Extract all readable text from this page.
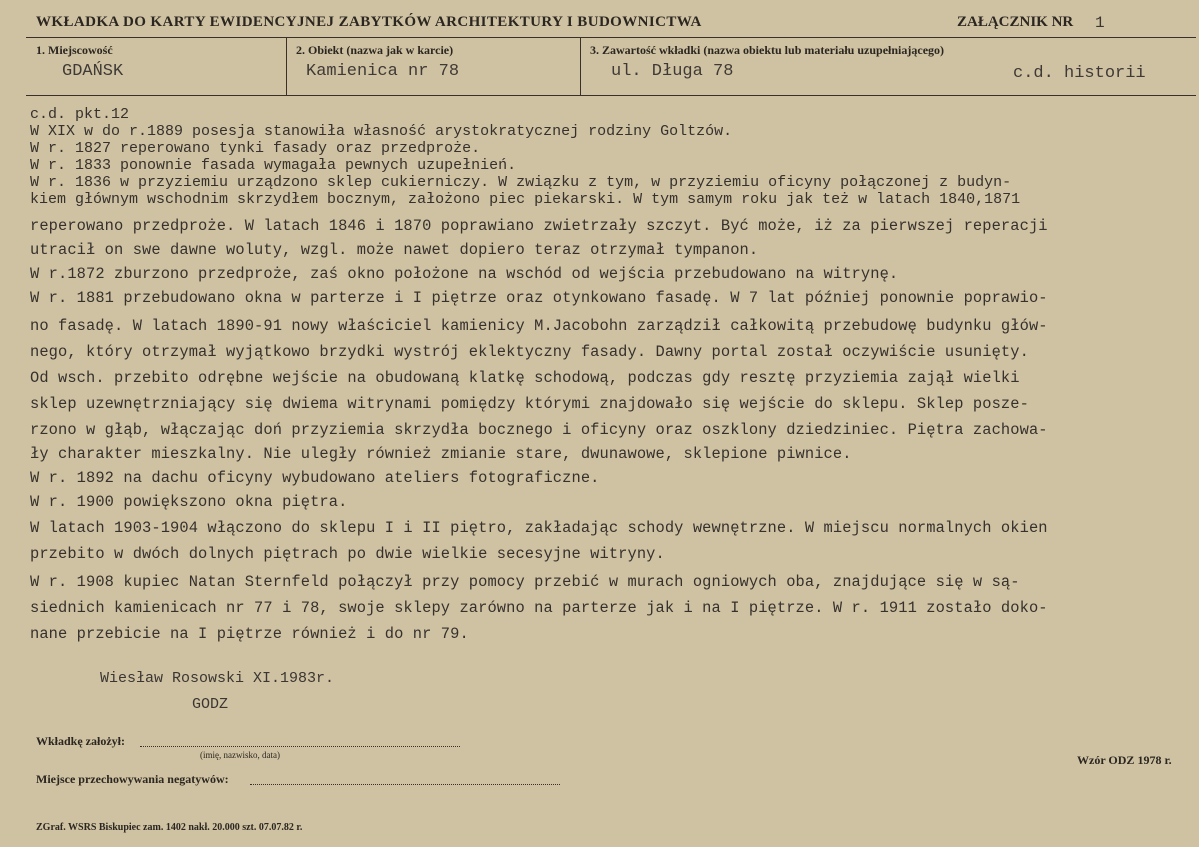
WKŁADKA DO KARTY EWIDENCYJNEJ ZABYTKÓW ARCHITEKTURY I BUDOWNICTWA	ZAŁĄCZNIK NR 1
1. Miejscowość
GDAŃSK
2. Obiekt (nazwa jak w karcie)
Kamienica nr 78
3. Zawartość wkładki (nazwa obiektu lub materiału uzupełniającego)
ul. Długa 78	c.d. historii
c.d. pkt.12
W XIX w do r.1889 posesja stanowiła własność arystokratycznej rodziny Goltzów.
W r. 1827 reperowano tynki fasady oraz przedproże.
W r. 1833 ponownie fasada wymagała pewnych uzupełnień.
W r. 1836 w przyziemiu urządzono sklep cukierniczy. W związku z tym, w przyziemiu oficyny połączonej z budyn-
kiem głównym wschodnim skrzydłem bocznym, założono piec piekarski. W tym samym roku jak też w latach 1840,1871
reperowano przedproże. W latach 1846 i 1870 poprawiano zwietrzały szczyt. Być może, iż za pierwszej reperacji
utracił on swe dawne woluty, wzgl. może nawet dopiero teraz otrzymał tympanon.
W r.1872 zburzono przedproże, zaś okno położone na wschód od wejścia przebudowano na witrynę.
W r. 1881 przebudowano okna w parterze i I piętrze oraz otynkowano fasadę. W 7 lat później ponownie poprawio-
no fasadę. W latach 1890-91 nowy właściciel kamienicy M.Jacobohn zarządził całkowitą przebudowę budynku głów-
nego, który otrzymał wyjątkowo brzydki wystrój eklektyczny fasady. Dawny portal został oczywiście usunięty.
Od wsch. przebito odrębne wejście na obudowaną klatkę schodową, podczas gdy resztę przyziemia zajął wielki
sklep uzewnętrzniający się dwiema witrynami pomiędzy którymi znajdowało się wejście do sklepu. Sklep posze-
rzono w głąb, włączając doń przyziemia skrzydła bocznego i oficyny oraz oszklony dziedziniec. Piętra zachowa-
ły charakter mieszkalny. Nie uległy również zmianie stare, dwunawowe, sklepione piwnice.
W r. 1892 na dachu oficyny wybudowano ateliers fotograficzne.
W r. 1900 powiększono okna piętra.
W latach 1903-1904 włączono do sklepu I i II piętro, zakładając schody wewnętrzne. W miejscu normalnych okien
przebito w dwóch dolnych piętrach po dwie wielkie secesyjne witryny.
W r. 1908 kupiec Natan Sternfeld połączył przy pomocy przebić w murach ogniowych oba, znajdujące się w są-
siednich kamienicach nr 77 i 78, swoje sklepy zarówno na parterze jak i na I piętrze. W r. 1911 zostało doko-
nane przebicie na I piętrze również i do nr 79.
Wiesław Rosowski XI.1983r.
GODZ
Wkładkę założył:
(imię, nazwisko, data)
Miejsce przechowywania negatywów:
Wzór ODZ 1978 r.
ZGraf. WSRS Biskupiec zam. 1402 nakł. 20.000 szt. 07.07.82 r.
